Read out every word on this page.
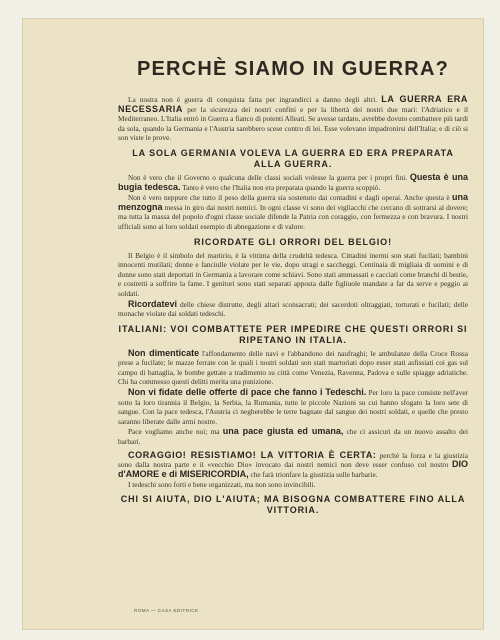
PERCHÈ SIAMO IN GUERRA?

La nostra non è guerra di conquista fatta per ingrandirci a danno degli altri. LA GUERRA ERA NECESSARIA per la sicurezza dei nostri confini e per la libertà dei nostri due mari: l'Adriatico e il Mediterraneo. L'Italia entrò in Guerra a fianco di potenti Alleati. Se avesse tardato, avrebbe dovuto combattere più tardi da sola, quando la Germania e l'Austria sarebbero scese contro di lei. Esse volevano impadronirsi dell'Italia; e di ciò si son viste le prove.

LA SOLA GERMANIA VOLEVA LA GUERRA ED ERA PREPARATA ALLA GUERRA.

Non è vero che il Governo o qualcuna delle classi sociali volesse la guerra per i propri fini. Questa è una bugia tedesca. Tanto è vero che l'Italia non era preparata quando la guerra scoppiò.

Non è vero neppure che tutto il peso della guerra sia sostenuto dai contadini e dagli operai. Anche questa è una menzogna messa in giro dai nostri nemici. In ogni classe vi sono dei vigliacchi che cercano di sottrarsi al dovere; ma tutta la massa del popolo d'ogni classe sociale difende la Patria con coraggio, con fermezza e con bravura. I nostri ufficiali sono ai loro soldati esempio di abnegazione e di valore.

RICORDATE GLI ORRORI DEL BELGIO!

Il Belgio è il simbolo del martirio, è la vittima della crudeltà tedesca. Cittadini inermi son stati fucilati; bambini innocenti mutilati; donne e fanciulle violate per le vie, dopo stragi e saccheggi. Centinaia di migliaia di uomini e di donne sono stati deportati in Germania a lavorare come schiavi. Sono stati ammassati e cacciati come branchi di bestie, e costretti a soffrire la fame. I genitori sono stati separati apposta dalle figliuole mandate a far da serve e peggio ai soldati.

Ricordatevi delle chiese distrutte, degli altari sconsacrati; dei sacerdoti oltraggiati, torturati e fucilati; delle monache violate dai soldati tedeschi.

ITALIANI: VOI COMBATTETE PER IMPEDIRE CHE QUESTI ORRORI SI RIPETANO IN ITALIA.

Non dimenticate l'affondamento delle navi e l'abbandono dei naufraghi; le ambulanze della Croce Rossa prese a fucilate; le mazze ferrate con le quali i nostri soldati son stati martoriati dopo esser stati asfissiati coi gas sul campo di battaglia, le bombe gettate a tradimento su città come Venezia, Ravenna, Padova e sulle spiagge adriatiche. Chi ha commesso questi delitti merita una punizione.

Non vi fidate delle offerte di pace che fanno i Tedeschi. Per loro la pace consiste nell'aver sotto la loro tirannia il Belgio, la Serbia, la Rumania, tutte le piccole Nazioni su cui hanno sfogato la loro sete di sangue. Con la pace tedesca, l'Austria ci negherebbe le terre bagnate dal sangue dei nostri soldati, e quelle che presto saranno liberate dalle armi nostre.

Pace vogliamo anche noi; ma una pace giusta ed umana, che ci assicuri da un nuovo assalto dei barbari.

CORAGGIO! RESISTIAMO! LA VITTORIA È CERTA: perchè la forza e la giustizia sono dalla nostra parte e il «vecchio Dio» invocato dai nostri nemici non deve esser confuso col nostro DIO d'AMORE e di MISERICORDIA, che farà trionfare la giustizia sulle barbarie.

I tedeschi sono forti e bene organizzati, ma non sono invincibili.

CHI SI AIUTA, DIO L'AIUTA; MA BISOGNA COMBATTERE FINO ALLA VITTORIA.
ROMA — CASA EDITRICE
